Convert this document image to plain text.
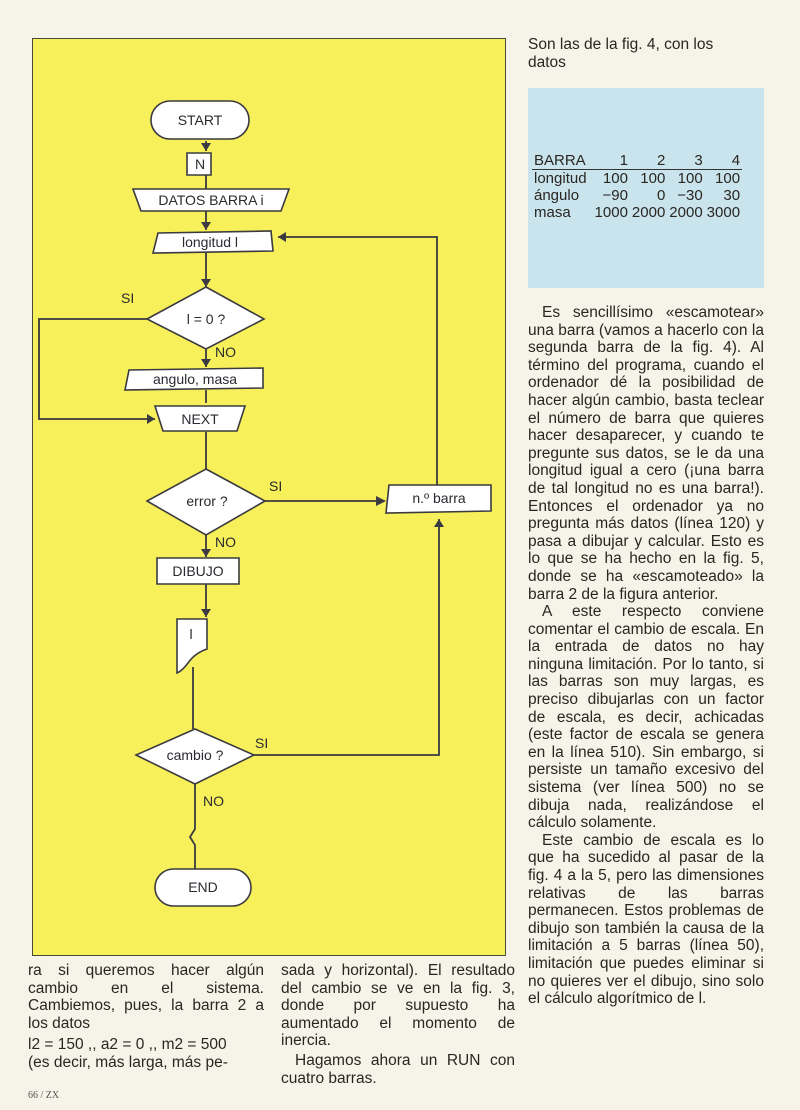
START
N
DATOS BARRA i
longitud l
l = 0 ?
SI
NO
angulo, masa
NEXT
error ?
SI
NO
n.º barra
DIBUJO
l
cambio ?
SI
NO
END
Son las de la fig. 4, con los
datos
BARRA	1	2	3	4
longitud	100	100	100	100
ángulo	−90	0	−30	30
masa	1000	2000	2000	3000

Es sencillísimo «escamotear» una barra (vamos a hacerlo con la segunda barra de la fig. 4). Al término del programa, cuando el ordenador dé la posibilidad de hacer algún cambio, basta teclear el número de barra que quieres hacer desaparecer, y cuando te pregunte sus datos, se le da una longitud igual a cero (¡una barra de tal longitud no es una barra!). Entonces el ordenador ya no pregunta más datos (línea 120) y pasa a dibujar y calcular. Esto es lo que se ha hecho en la fig. 5, donde se ha «escamoteado» la barra 2 de la figura anterior.

A este respecto conviene comentar el cambio de escala. En la entrada de datos no hay ninguna limitación. Por lo tanto, si las barras son muy largas, es preciso dibujarlas con un factor de escala, es decir, achicadas (este factor de escala se genera en la línea 510). Sin embargo, si persiste un tamaño excesivo del sistema (ver línea 500) no se dibuja nada, realizándose el cálculo solamente.

Este cambio de escala es lo que ha sucedido al pasar de la fig. 4 a la 5, pero las dimensiones relativas de las barras permanecen. Estos problemas de dibujo son también la causa de la limitación a 5 barras (línea 50), limitación que puedes eliminar si no quieres ver el dibujo, sino solo el cálculo algorítmico de l.

ra si queremos hacer algún cambio en el sistema. Cambiemos, pues, la barra 2 a los datos

l2 = 150 ,, a2 = 0 ,, m2 = 500

(es decir, más larga, más pe-

sada y horizontal). El resultado del cambio se ve en la fig. 3, donde por supuesto ha aumentado el momento de inercia.

Hagamos ahora un RUN con cuatro barras.

66 / ZX
